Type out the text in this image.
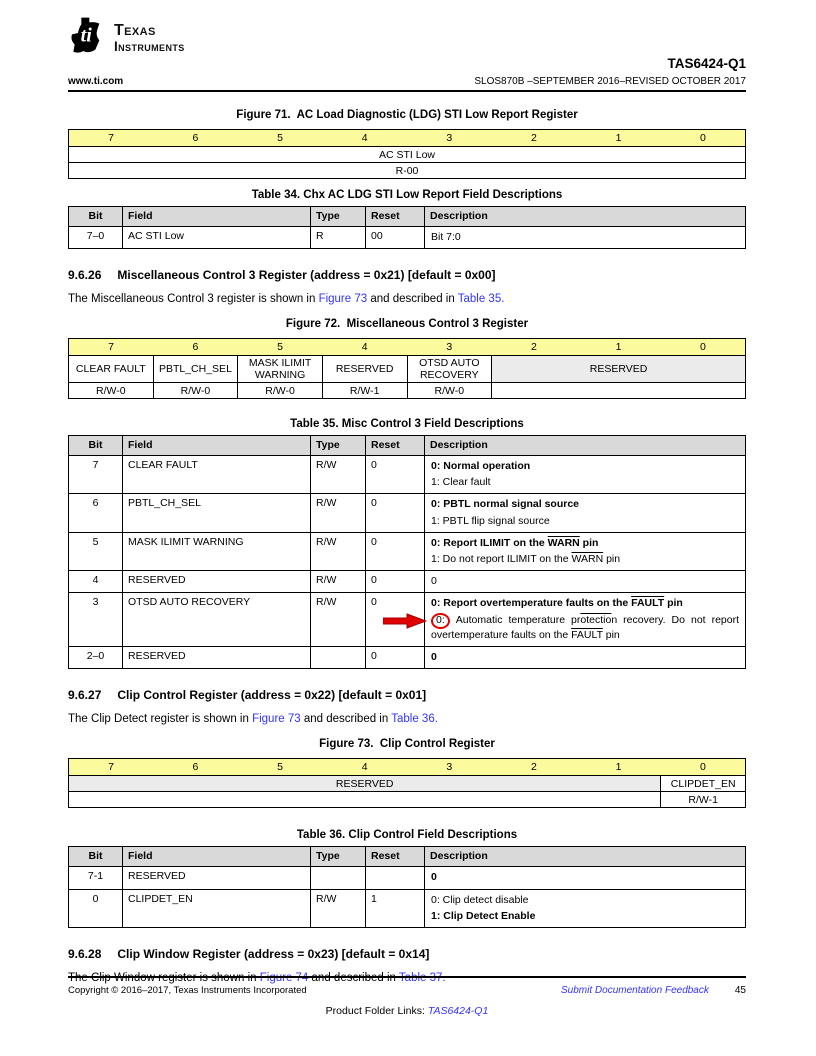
ti Texas
Instruments
TAS6424-Q1
www.ti.com	SLOS870B –SEPTEMBER 2016–REVISED OCTOBER 2017
Figure 71.  AC Load Diagnostic (LDG) STI Low Report Register
7	6	5	4	3	2	1	0
AC STI Low
R-00
Table 34. Chx AC LDG STI Low Report Field Descriptions
Bit	Field	Type	Reset	Description
7–0	AC STI Low	R	00	Bit 7:0
9.6.26 Miscellaneous Control 3 Register (address = 0x21) [default = 0x00]
The Miscellaneous Control 3 register is shown in Figure 73 and described in Table 35.
Figure 72.  Miscellaneous Control 3 Register
7	6	5	4	3	2	1	0
CLEAR FAULT	PBTL_CH_SEL	MASK ILIMIT WARNING	RESERVED	OTSD AUTO RECOVERY	RESERVED		
R/W-0	R/W-0	R/W-0	R/W-1	R/W-0			
Table 35. Misc Control 3 Field Descriptions
Bit	Field	Type	Reset	Description
7	CLEAR FAULT	R/W	0	0: Normal operation
1: Clear fault

6	PBTL_CH_SEL	R/W	0	0: PBTL normal signal source
1: PBTL flip signal source

5	MASK ILIMIT WARNING	R/W	0	0: Report ILIMIT on the WARN pin
1: Do not report ILIMIT on the WARN pin

4	RESERVED	R/W	0	0

3	OTSD AUTO RECOVERY	R/W	0	0: Report overtemperature faults on the FAULT pin
0: Automatic temperature protection recovery. Do not report overtemperature faults on the FAULT pin

2–0	RESERVED		0	0
9.6.27 Clip Control Register (address = 0x22) [default = 0x01]
The Clip Detect register is shown in Figure 73 and described in Table 36.
Figure 73.  Clip Control Register
7	6	5	4	3	2	1	0
RESERVED							CLIPDET_EN
							R/W-1
Table 36. Clip Control Field Descriptions
Bit	Field	Type	Reset	Description
7-1	RESERVED			0

0	CLIPDET_EN	R/W	1	0: Clip detect disable
1: Clip Detect Enable
9.6.28 Clip Window Register (address = 0x23) [default = 0x14]
The Clip Window register is shown in Figure 74 and described in Table 37.
Copyright © 2016–2017, Texas Instruments Incorporated	Submit Documentation Feedback	45
Product Folder Links: TAS6424-Q1
